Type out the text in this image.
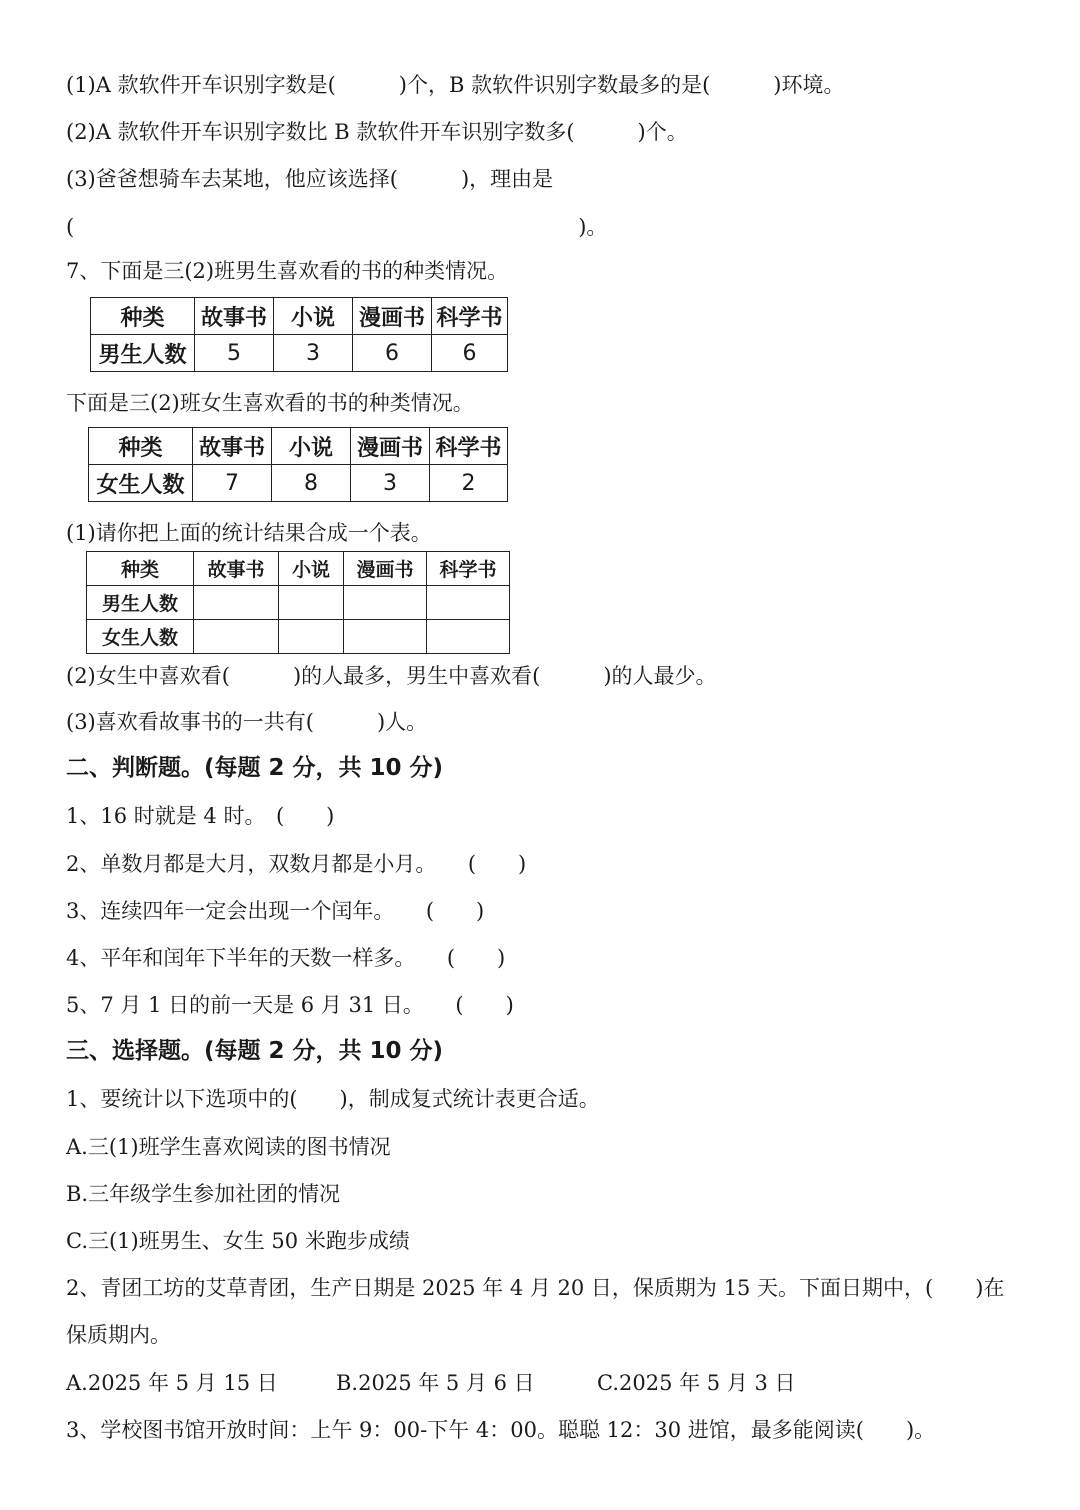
(1)A 款软件开车识别字数是(　　　)个，B 款软件识别字数最多的是(　　　)环境。
(2)A 款软件开车识别字数比 B 款软件开车识别字数多(　　　)个。
(3)爸爸想骑车去某地，他应该选择(　　　)，理由是
(　　　　　　　　　　　　　　　　　　　　　　　　)。
7、下面是三(2)班男生喜欢看的书的种类情况。
种类	故事书	小说	漫画书	科学书
男生人数	5	3	6	6
下面是三(2)班女生喜欢看的书的种类情况。
种类	故事书	小说	漫画书	科学书
女生人数	7	8	3	2
(1)请你把上面的统计结果合成一个表。
种类	故事书	小说	漫画书	科学书
男生人数				
女生人数				
(2)女生中喜欢看(　　　)的人最多，男生中喜欢看(　　　)的人最少。
(3)喜欢看故事书的一共有(　　　)人。
二、判断题。(每题 2 分，共 10 分)
1、16 时就是 4 时。　(　　)
2、单数月都是大月，双数月都是小月。　　(　　)
3、连续四年一定会出现一个闰年。　　(　　)
4、平年和闰年下半年的天数一样多。　　(　　)
5、7 月 1 日的前一天是 6 月 31 日。　　(　　)
三、选择题。(每题 2 分，共 10 分)
1、要统计以下选项中的(　　)，制成复式统计表更合适。
A.三(1)班学生喜欢阅读的图书情况
B.三年级学生参加社团的情况
C.三(1)班男生、女生 50 米跑步成绩
2、青团工坊的艾草青团，生产日期是 2025 年 4 月 20 日，保质期为 15 天。下面日期中，(　　)在
保质期内。
A.2025 年 5 月 15 日	B.2025 年 5 月 6 日	C.2025 年 5 月 3 日
3、学校图书馆开放时间：上午 9：00-下午 4：00。聪聪 12：30 进馆，最多能阅读(　　)。
